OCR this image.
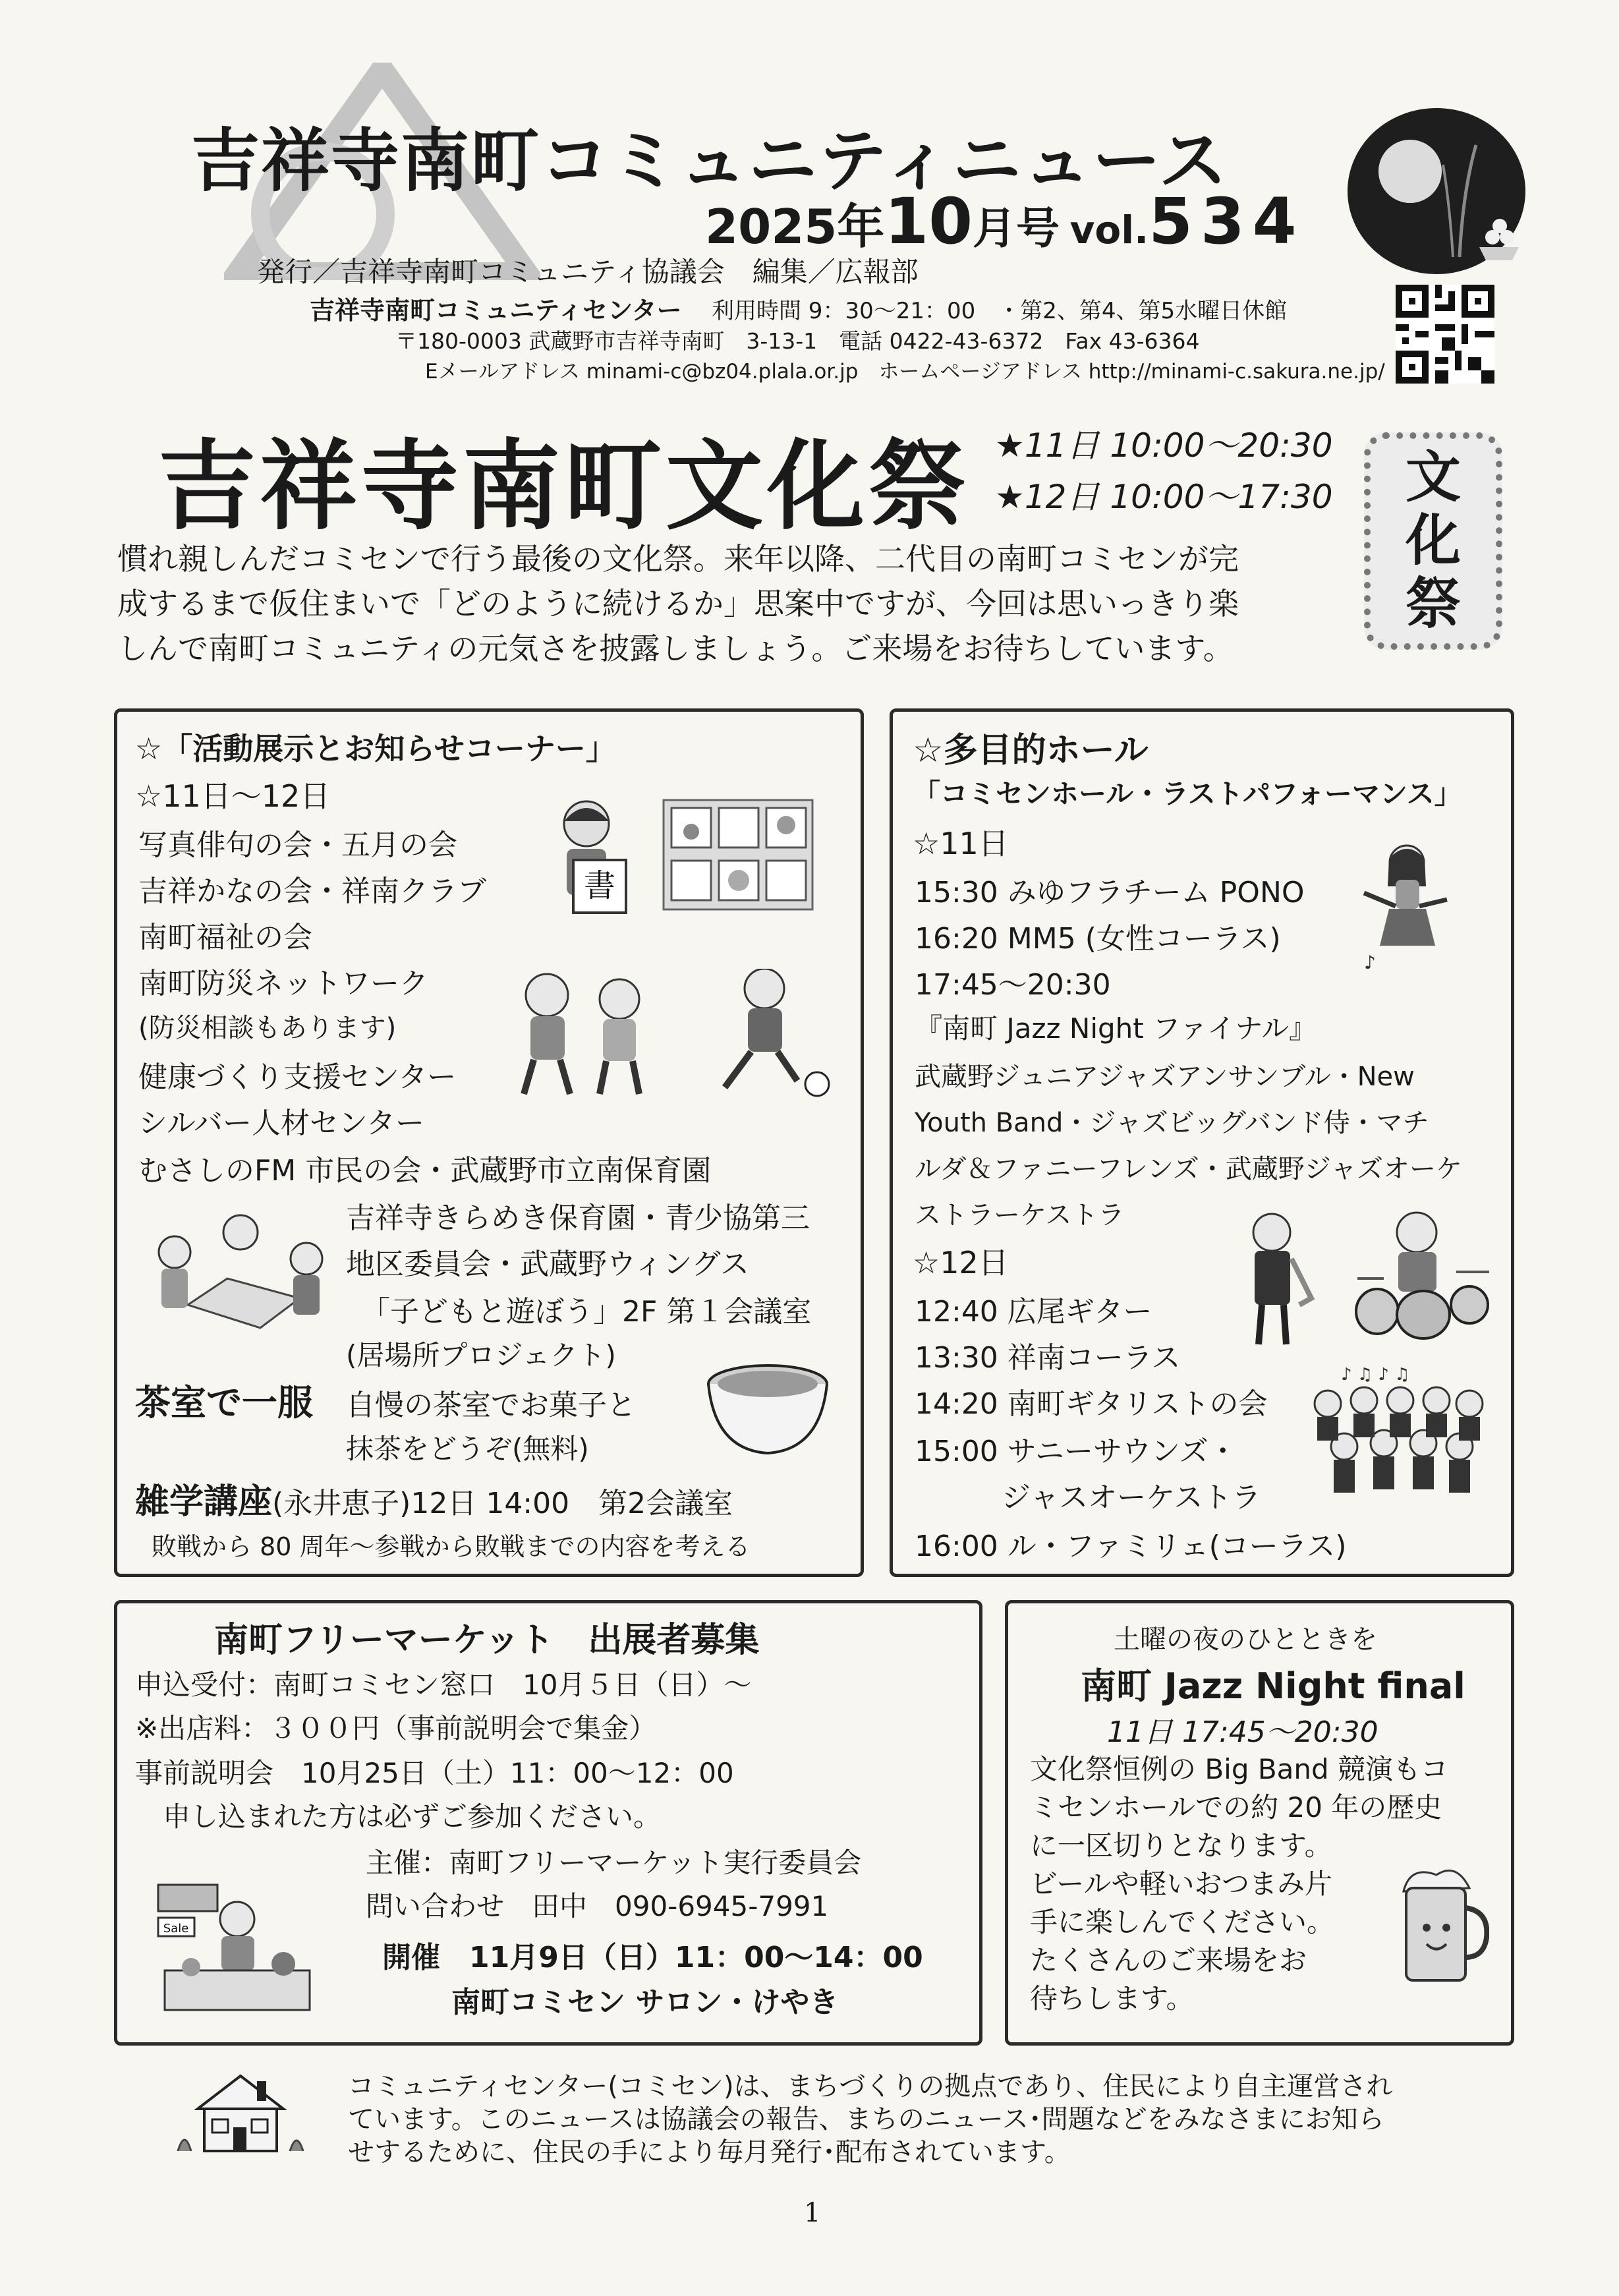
吉祥寺南町コミュニティニュース
2025年10月号 vol.534
発行／吉祥寺南町コミュニティ協議会　編集／広報部
吉祥寺南町コミュニティセンター 利用時間 9：30～21：00　・第2、第4、第5水曜日休館
〒180-0003 武蔵野市吉祥寺南町　3-13-1　電話 0422-43-6372　Fax 43-6364
Eメールアドレス minami-c@bz04.plala.or.jp　ホームページアドレス http://minami-c.sakura.ne.jp/
吉祥寺南町文化祭 ★11日 10:00～20:30
★12日 10:00～17:30	文
化
祭
慣れ親しんだコミセンで行う最後の文化祭。来年以降、二代目の南町コミセンが完
成するまで仮住まいで「どのように続けるか」思案中ですが、今回は思いっきり楽
しんで南町コミュニティの元気さを披露しましょう。ご来場をお待ちしています。
☆「活動展示とお知らせコーナー」
☆11日～12日
写真俳句の会・五月の会
吉祥かなの会・祥南クラブ
南町福祉の会
南町防災ネットワーク
(防災相談もあります)
健康づくり支援センター
シルバー人材センター
むさしのFM 市民の会・武蔵野市立南保育園
吉祥寺きらめき保育園・青少協第三
地区委員会・武蔵野ウィングス
「子どもと遊ぼう」2F 第１会議室
(居場所プロジェクト)
茶室で一服 自慢の茶室でお菓子と
抹茶をどうぞ(無料)
雑学講座(永井恵子)12日 14:00　第2会議室
敗戦から 80 周年～参戦から敗戦までの内容を考える
書
☆多目的ホール
「コミセンホール・ラストパフォーマンス」
☆11日
15:30 みゆフラチーム PONO
16:20 MM5 (女性コーラス)
17:45～20:30
『南町 Jazz Night ファイナル』
武蔵野ジュニアジャズアンサンブル・New
Youth Band・ジャズビッグバンド侍・マチ
ルダ＆ファニーフレンズ・武蔵野ジャズオーケ
ストラーケストラ
☆12日
12:40 広尾ギター
13:30 祥南コーラス
14:20 南町ギタリストの会
15:00 サニーサウンズ・
　　　ジャスオーケストラ
16:00 ル・ファミリェ(コーラス)
♪
♪ ♫ ♪ ♫
南町フリーマーケット　出展者募集
申込受付：南町コミセン窓口　10月５日（日）～
※出店料：３００円（事前説明会で集金）
事前説明会　10月25日（土）11：00～12：00
　申し込まれた方は必ずご参加ください。
主催：南町フリーマーケット実行委員会
問い合わせ　田中　090-6945-7991
開催　11月9日（日）11：00～14：00
南町コミセン サロン・けやき
Sale
土曜の夜のひとときを
南町 Jazz Night final
11日 17:45～20:30
文化祭恒例の Big Band 競演もコ
ミセンホールでの約 20 年の歴史
に一区切りとなります。
ビールや軽いおつまみ片
手に楽しんでください。
たくさんのご来場をお
待ちします。
コミュニティセンター(コミセン)は、まちづくりの拠点であり、住民により自主運営され
ています。このニュースは協議会の報告、まちのニュース･問題などをみなさまにお知ら
せするために、住民の手により毎月発行･配布されています。
1
